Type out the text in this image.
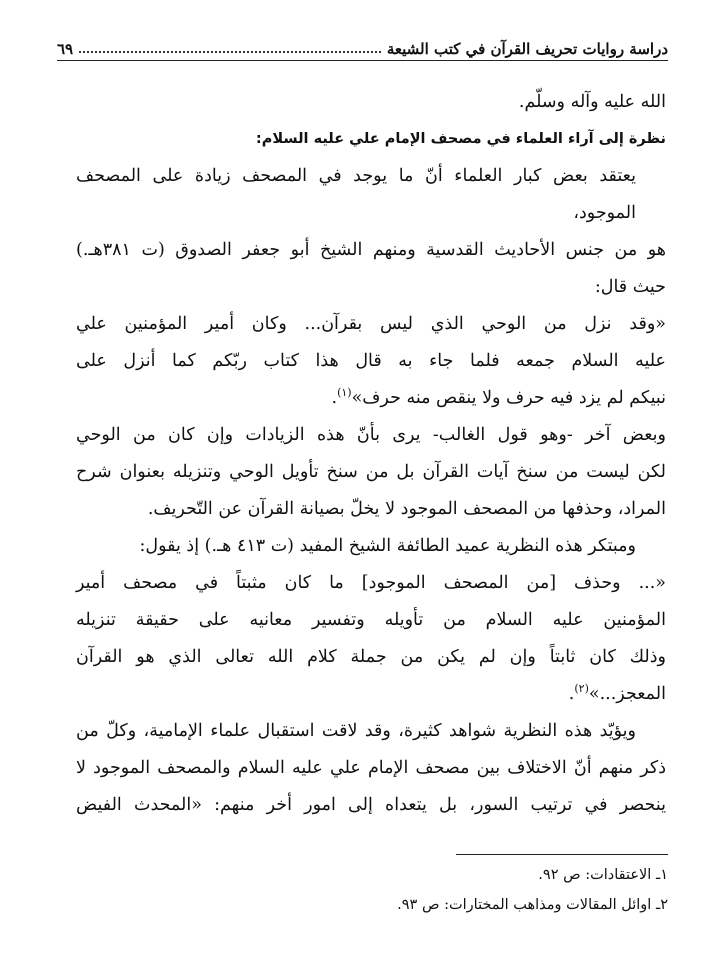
دراسة روايات تحريف القرآن في كتب الشيعة
٦٩
الله عليه وآله وسلّم.
نظرة إلى آراء العلماء في مصحف الإمام علي عليه السلام:
يعتقد بعض كبار العلماء أنّ ما يوجد في المصحف زيادة على المصحف الموجود،
هو من جنس الأحاديث القدسية ومنهم الشيخ أبو جعفر الصدوق (ت ٣٨١هـ.)
حيث قال:
«وقد نزل من الوحي الذي ليس بقرآن... وكان أمير المؤمنين علي
عليه السلام جمعه فلما جاء به قال هذا كتاب ربّكم كما أنزل على
نبيكم لم يزد فيه حرف ولا ينقص منه حرف»$^{(١)}$.
وبعض آخر -وهو قول الغالب- يرى بأنّ هذه الزيادات وإن كان من الوحي
لكن ليست من سنخ آيات القرآن بل من سنخ تأويل الوحي وتنزيله بعنوان شرح
المراد، وحذفها من المصحف الموجود لا يخلّ بصيانة القرآن عن التّحريف.
ومبتكر هذه النظرية عميد الطائفة الشيخ المفيد (ت ٤١٣ هـ.) إذ يقول:
«... وحذف [من المصحف الموجود] ما كان مثبتاً في مصحف أمير
المؤمنين عليه السلام من تأويله وتفسير معانيه على حقيقة تنزيله
وذلك كان ثابتاً وإن لم يكن من جملة كلام الله تعالى الذي هو القرآن
المعجز...»$^{(٢)}$.
ويؤيّد هذه النظرية شواهد كثيرة، وقد لاقت استقبال علماء الإمامية، وكلّ من
ذكر منهم أنّ الاختلاف بين مصحف الإمام علي عليه السلام والمصحف الموجود لا
ينحصر في ترتيب السور، بل يتعداه إلى امور أخر منهم: «المحدث الفيض
١ـ الاعتقادات: ص ٩٢.
٢ـ اوائل المقالات ومذاهب المختارات: ص ٩٣.
